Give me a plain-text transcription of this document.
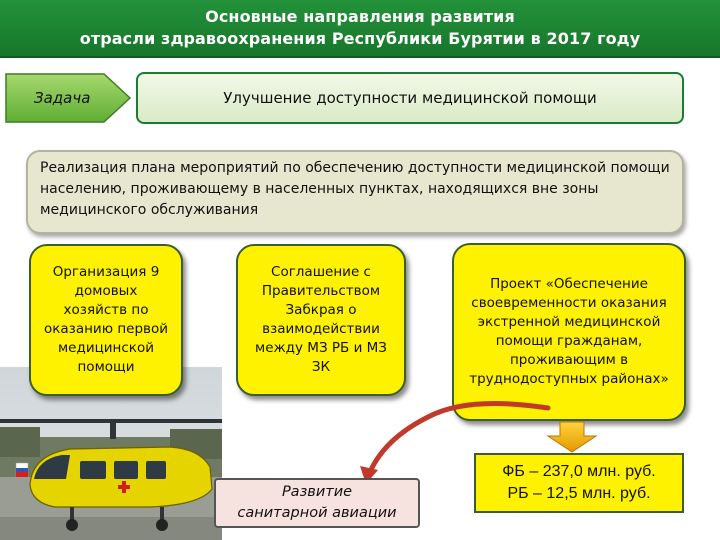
Основные направления развития
отрасли здравоохранения Республики Бурятии в 2017 году
Задача	Улучшение доступности медицинской помощи
Реализация плана мероприятий по обеспечению доступности медицинской помощи населению, проживающему в населенных пунктах, находящихся вне зоны медицинского обслуживания
Организация 9 домовых хозяйств по оказанию первой медицинской помощи
Соглашение с Правительством Забкрая о взаимодействии между МЗ РБ и МЗ ЗК
Проект «Обеспечение своевременности оказания экстренной медицинской помощи гражданам, проживающим в труднодоступных районах»
Развитие
санитарной авиации
ФБ – 237,0 млн. руб.
РБ – 12,5 млн. руб.
